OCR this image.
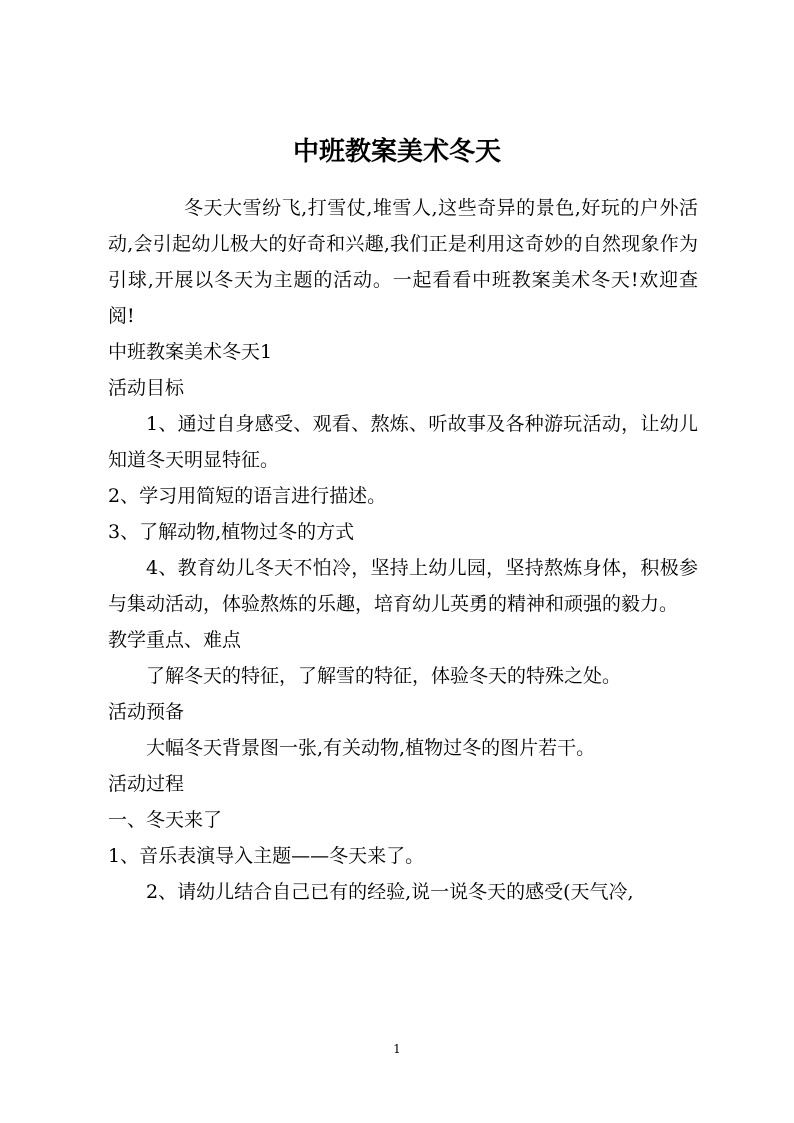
中班教案美术冬天

冬天大雪纷飞,打雪仗,堆雪人,这些奇异的景色,好玩的户外活动,会引起幼儿极大的好奇和兴趣,我们正是利用这奇妙的自然现象作为引球,开展以冬天为主题的活动。一起看看中班教案美术冬天!欢迎查阅!

中班教案美术冬天1

活动目标

1、通过自身感受、观看、熬炼、听故事及各种游玩活动，让幼儿知道冬天明显特征。

2、学习用简短的语言进行描述。

3、了解动物,植物过冬的方式

4、教育幼儿冬天不怕冷，坚持上幼儿园，坚持熬炼身体，积极参与集动活动，体验熬炼的乐趣，培育幼儿英勇的精神和顽强的毅力。

教学重点、难点

了解冬天的特征，了解雪的特征，体验冬天的特殊之处。

活动预备

大幅冬天背景图一张,有关动物,植物过冬的图片若干。

活动过程

一、冬天来了

1、音乐表演导入主题——冬天来了。

2、请幼儿结合自己已有的经验,说一说冬天的感受(天气冷,

1
